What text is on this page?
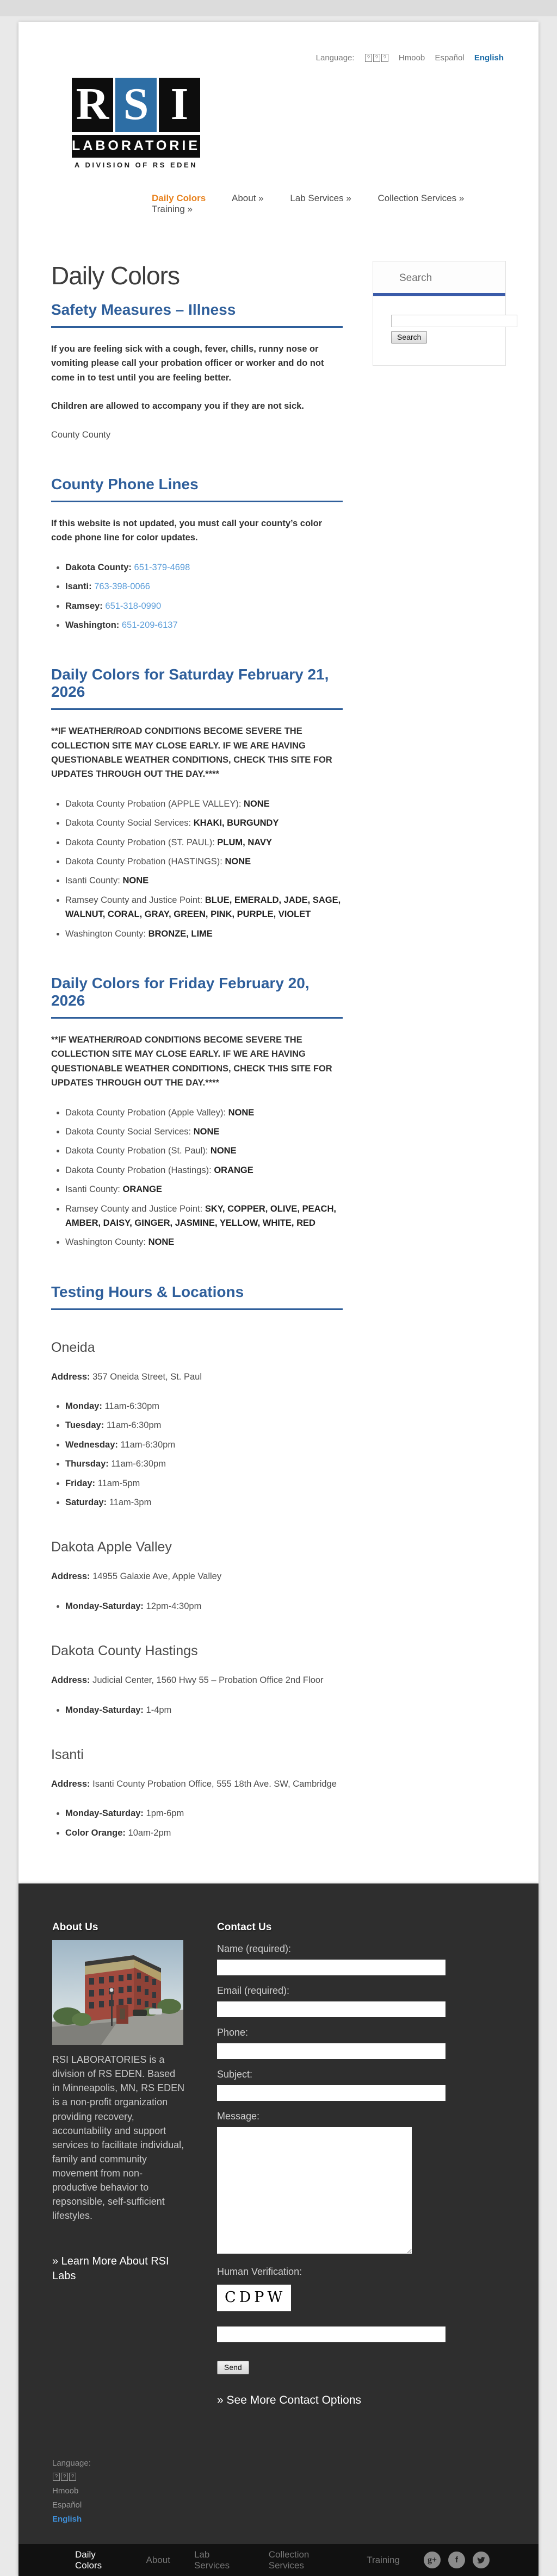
Language: ? ? ? Hmoob Español English
R S I
LABORATORIES
A DIVISION OF RS EDEN
Daily Colors	About »	Lab Services »	Collection Services » Training »
Daily Colors
Safety Measures – Illness

If you are feeling sick with a cough, fever, chills, runny nose or vomiting please call your probation officer or worker and do not come in to test until you are feeling better.

Children are allowed to accompany you if they are not sick.

County County

County Phone Lines

If this website is not updated, you must call your county’s color code phone line for color updates.

• Dakota County: 651-379-4698
• Isanti: 763-398-0066
• Ramsey: 651-318-0990
• Washington: 651-209-6137
Daily Colors for Saturday February 21, 2026

**IF WEATHER/ROAD CONDITIONS BECOME SEVERE THE COLLECTION SITE MAY CLOSE EARLY. IF WE ARE HAVING QUESTIONABLE WEATHER CONDITIONS, CHECK THIS SITE FOR UPDATES THROUGH OUT THE DAY.****

• Dakota County Probation (APPLE VALLEY): NONE
• Dakota County Social Services: KHAKI, BURGUNDY
• Dakota County Probation (ST. PAUL): PLUM, NAVY
• Dakota County Probation (HASTINGS): NONE
• Isanti County: NONE
• Ramsey County and Justice Point: BLUE, EMERALD, JADE, SAGE, WALNUT, CORAL, GRAY, GREEN, PINK, PURPLE, VIOLET
• Washington County: BRONZE, LIME
Daily Colors for Friday February 20, 2026

**IF WEATHER/ROAD CONDITIONS BECOME SEVERE THE COLLECTION SITE MAY CLOSE EARLY. IF WE ARE HAVING QUESTIONABLE WEATHER CONDITIONS, CHECK THIS SITE FOR UPDATES THROUGH OUT THE DAY.****

• Dakota County Probation (Apple Valley): NONE
• Dakota County Social Services: NONE
• Dakota County Probation (St. Paul): NONE
• Dakota County Probation (Hastings): ORANGE
• Isanti County: ORANGE
• Ramsey County and Justice Point: SKY, COPPER, OLIVE, PEACH, AMBER, DAISY, GINGER, JASMINE, YELLOW, WHITE, RED
• Washington County: NONE
Testing Hours & Locations
Oneida

Address: 357 Oneida Street, St. Paul

• Monday: 11am-6:30pm
• Tuesday: 11am-6:30pm
• Wednesday: 11am-6:30pm
• Thursday: 11am-6:30pm
• Friday: 11am-5pm
• Saturday: 11am-3pm
Dakota Apple Valley

Address: 14955 Galaxie Ave, Apple Valley

• Monday-Saturday: 12pm-4:30pm
Dakota County Hastings

Address: Judicial Center, 1560 Hwy 55 – Probation Office 2nd Floor

• Monday-Saturday: 1-4pm
Isanti

Address: Isanti County Probation Office, 555 18th Ave. SW, Cambridge

• Monday-Saturday: 1pm-6pm
• Color Orange: 10am-2pm
Search
Search
About Us

RSI LABORATORIES is a division of RS EDEN. Based in Minneapolis, MN, RS EDEN is a non-profit organization providing recovery, accountability and support services to facilitate individual, family and community movement from non-productive behavior to repsonsible, self-sufficient lifestyles.

» Learn More About RSI Labs
Contact Us
Name (required):
Email (required):
Phone:
Subject:
Message:
Human Verification:
CDPW
Send

» See More Contact Options
Language:
? ? ?
Hmoob
Español
English
Daily Colors
About
Lab Services
Collection Services
Training	g+ f
